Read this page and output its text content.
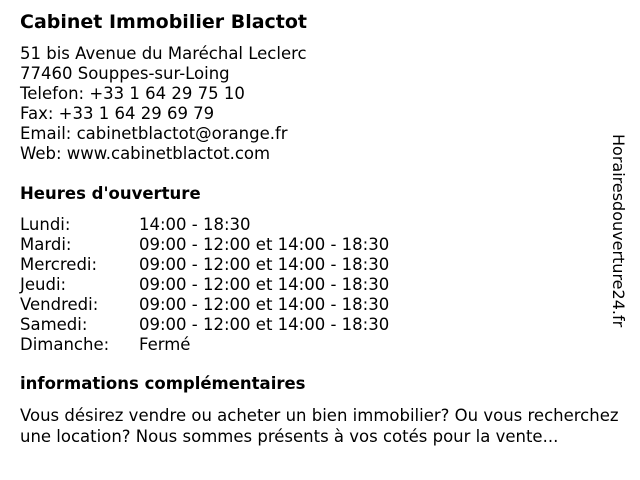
Cabinet Immobilier Blactot
51 bis Avenue du Maréchal Leclerc
77460 Souppes-sur-Loing
Telefon: +33 1 64 29 75 10
Fax: +33 1 64 29 69 79
Email: cabinetblactot@orange.fr
Web: www.cabinetblactot.com
Heures d'ouverture
Lundi:	14:00 - 18:30
Mardi:	09:00 - 12:00 et 14:00 - 18:30
Mercredi:	09:00 - 12:00 et 14:00 - 18:30
Jeudi:	09:00 - 12:00 et 14:00 - 18:30
Vendredi: 09:00 - 12:00 et 14:00 - 18:30
Samedi:	09:00 - 12:00 et 14:00 - 18:30
Dimanche: Fermé
informations complémentaires
Vous désirez vendre ou acheter un bien immobilier? Ou vous recherchez une location? Nous sommes présents à vos cotés pour la vente...
Horairesdouverture24.fr
